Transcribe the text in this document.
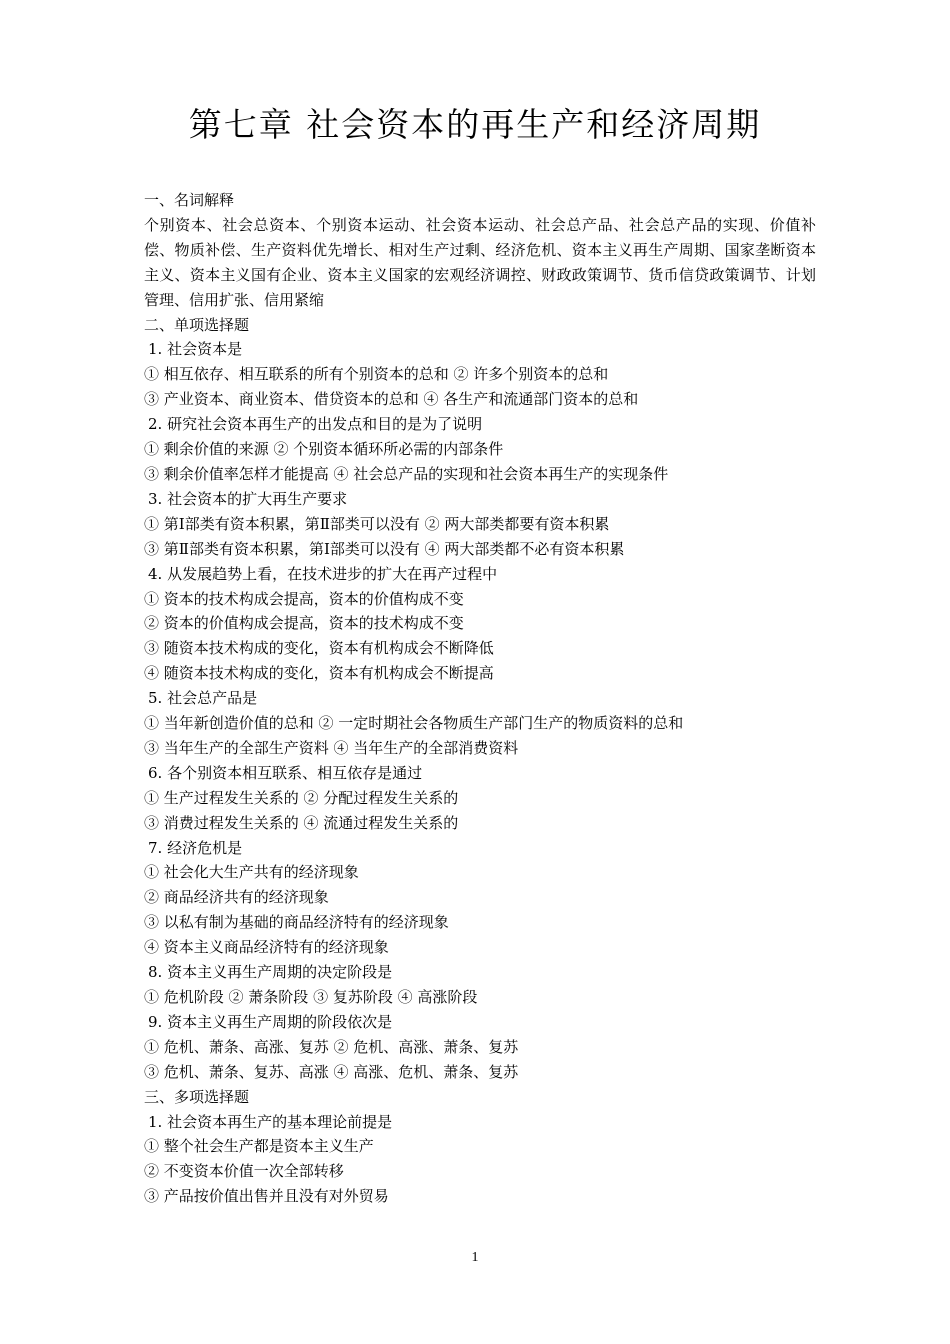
第七章 社会资本的再生产和经济周期
一、名词解释
个别资本、社会总资本、个别资本运动、社会资本运动、社会总产品、社会总产品的实现、价值补偿、物质补偿、生产资料优先增长、相对生产过剩、经济危机、资本主义再生产周期、国家垄断资本主义、资本主义国有企业、资本主义国家的宏观经济调控、财政政策调节、货币信贷政策调节、计划管理、信用扩张、信用紧缩
二、单项选择题
1. 社会资本是
① 相互依存、相互联系的所有个别资本的总和 ② 许多个别资本的总和
③ 产业资本、商业资本、借贷资本的总和 ④ 各生产和流通部门资本的总和
2. 研究社会资本再生产的出发点和目的是为了说明
① 剩余价值的来源 ② 个别资本循环所必需的内部条件
③ 剩余价值率怎样才能提高 ④ 社会总产品的实现和社会资本再生产的实现条件
3. 社会资本的扩大再生产要求
① 第Ⅰ部类有资本积累，第Ⅱ部类可以没有 ② 两大部类都要有资本积累
③ 第Ⅱ部类有资本积累，第Ⅰ部类可以没有 ④ 两大部类都不必有资本积累
4. 从发展趋势上看，在技术进步的扩大在再产过程中
① 资本的技术构成会提高，资本的价值构成不变
② 资本的价值构成会提高，资本的技术构成不变
③ 随资本技术构成的变化，资本有机构成会不断降低
④ 随资本技术构成的变化，资本有机构成会不断提高
5. 社会总产品是
① 当年新创造价值的总和 ② 一定时期社会各物质生产部门生产的物质资料的总和
③ 当年生产的全部生产资料 ④ 当年生产的全部消费资料
6. 各个别资本相互联系、相互依存是通过
① 生产过程发生关系的 ② 分配过程发生关系的
③ 消费过程发生关系的 ④ 流通过程发生关系的
7. 经济危机是
① 社会化大生产共有的经济现象
② 商品经济共有的经济现象
③ 以私有制为基础的商品经济特有的经济现象
④ 资本主义商品经济特有的经济现象
8. 资本主义再生产周期的决定阶段是
① 危机阶段 ② 萧条阶段 ③ 复苏阶段 ④ 高涨阶段
9. 资本主义再生产周期的阶段依次是
① 危机、萧条、高涨、复苏 ② 危机、高涨、萧条、复苏
③ 危机、萧条、复苏、高涨 ④ 高涨、危机、萧条、复苏
三、多项选择题
1. 社会资本再生产的基本理论前提是
① 整个社会生产都是资本主义生产
② 不变资本价值一次全部转移
③ 产品按价值出售并且没有对外贸易
1
